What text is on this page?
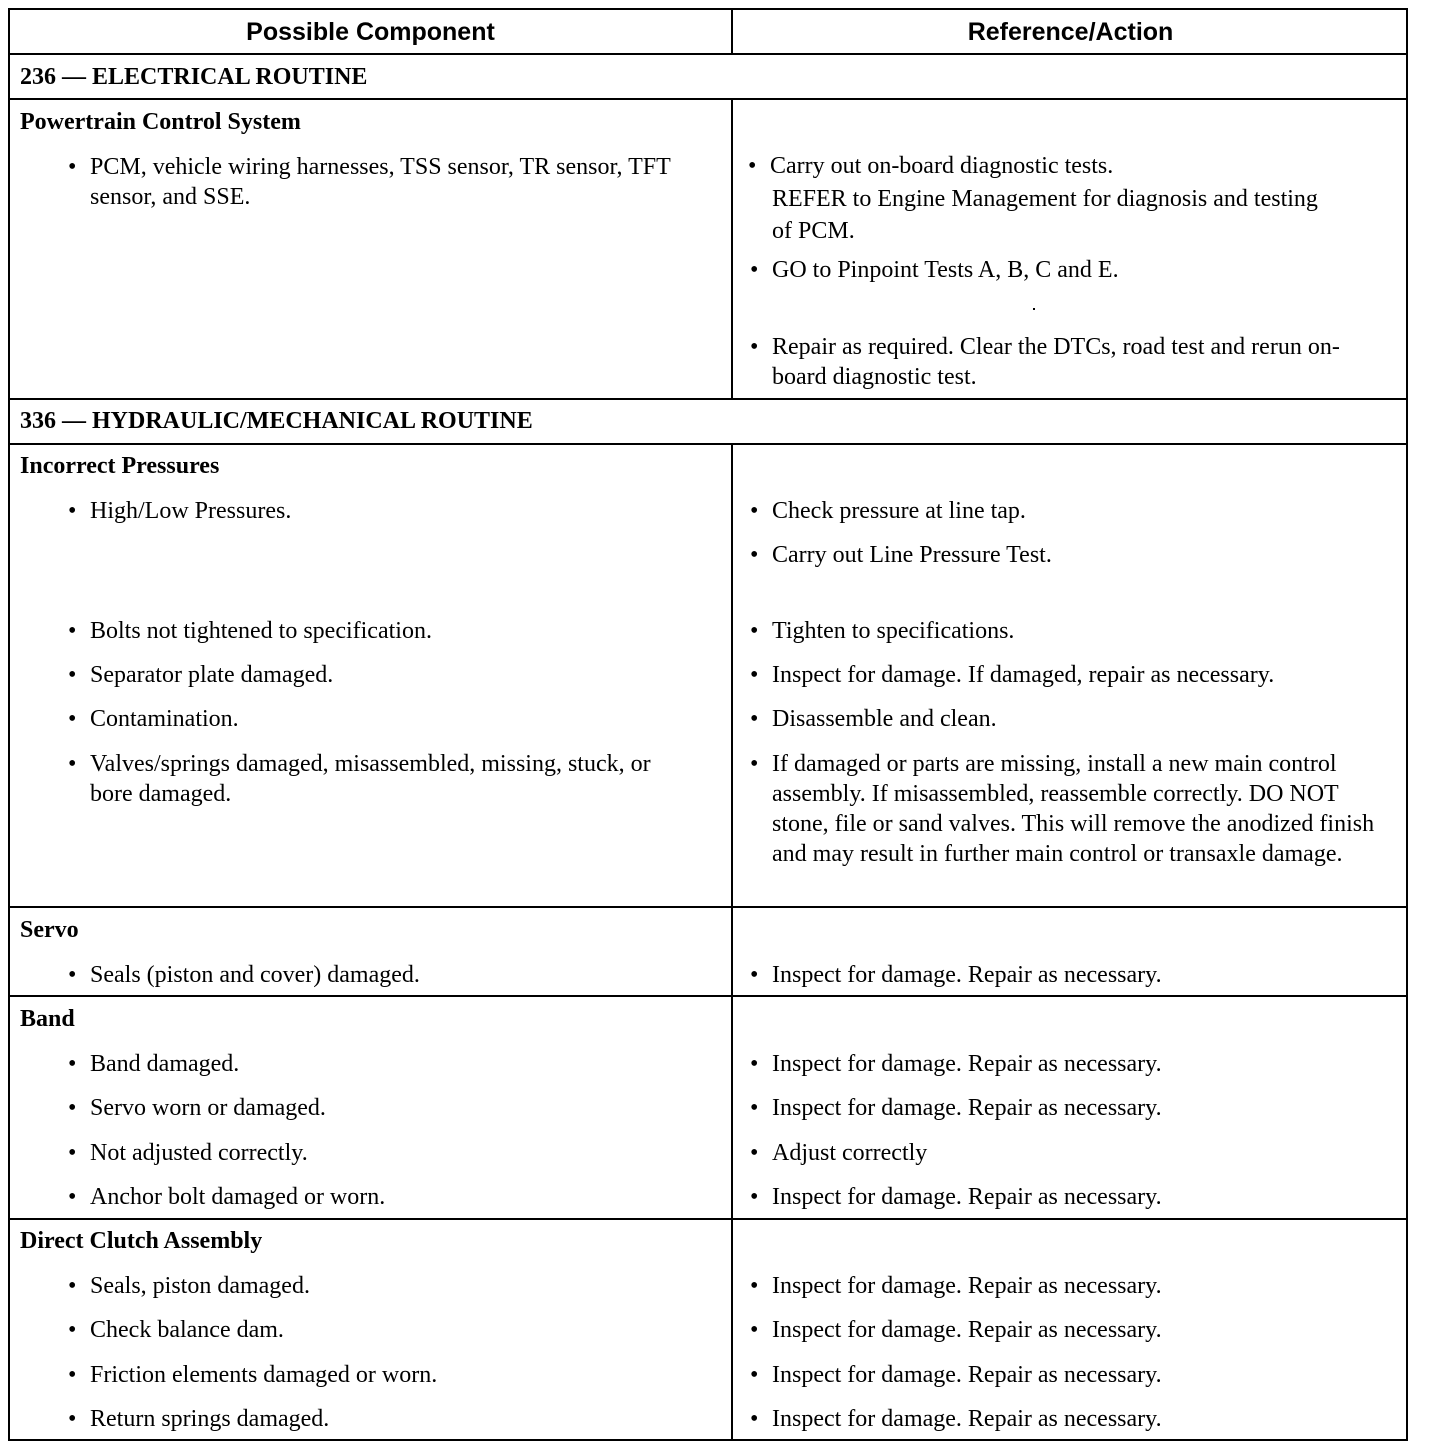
Possible Component	Reference/Action
236 — ELECTRICAL ROUTINE
Powertrain Control System
• PCM, vehicle wiring harnesses, TSS sensor, TR sensor, TFT sensor, and SSE.
• Carry out on-board diagnostic tests.
REFER to Engine Management for diagnosis and testing of PCM.
• GO to Pinpoint Tests A, B, C and E.
• Repair as required. Clear the DTCs, road test and rerun on-board diagnostic test.
336 — HYDRAULIC/MECHANICAL ROUTINE
Incorrect Pressures
• High/Low Pressures.
• Bolts not tightened to specification.
• Separator plate damaged.
• Contamination.
• Valves/springs damaged, misassembled, missing, stuck, or bore damaged.
• Check pressure at line tap.
• Carry out Line Pressure Test.
• Tighten to specifications.
• Inspect for damage. If damaged, repair as necessary.
• Disassemble and clean.
• If damaged or parts are missing, install a new main control assembly. If misassembled, reassemble correctly. DO NOT stone, file or sand valves. This will remove the anodized finish and may result in further main control or transaxle damage.
Servo
• Seals (piston and cover) damaged.	• Inspect for damage. Repair as necessary.
Band
• Band damaged.
• Servo worn or damaged.
• Not adjusted correctly.
• Anchor bolt damaged or worn.
• Inspect for damage. Repair as necessary.
• Inspect for damage. Repair as necessary.
• Adjust correctly
• Inspect for damage. Repair as necessary.
Direct Clutch Assembly
• Seals, piston damaged.
• Check balance dam.
• Friction elements damaged or worn.
• Return springs damaged.
• Inspect for damage. Repair as necessary.
• Inspect for damage. Repair as necessary.
• Inspect for damage. Repair as necessary.
• Inspect for damage. Repair as necessary.
